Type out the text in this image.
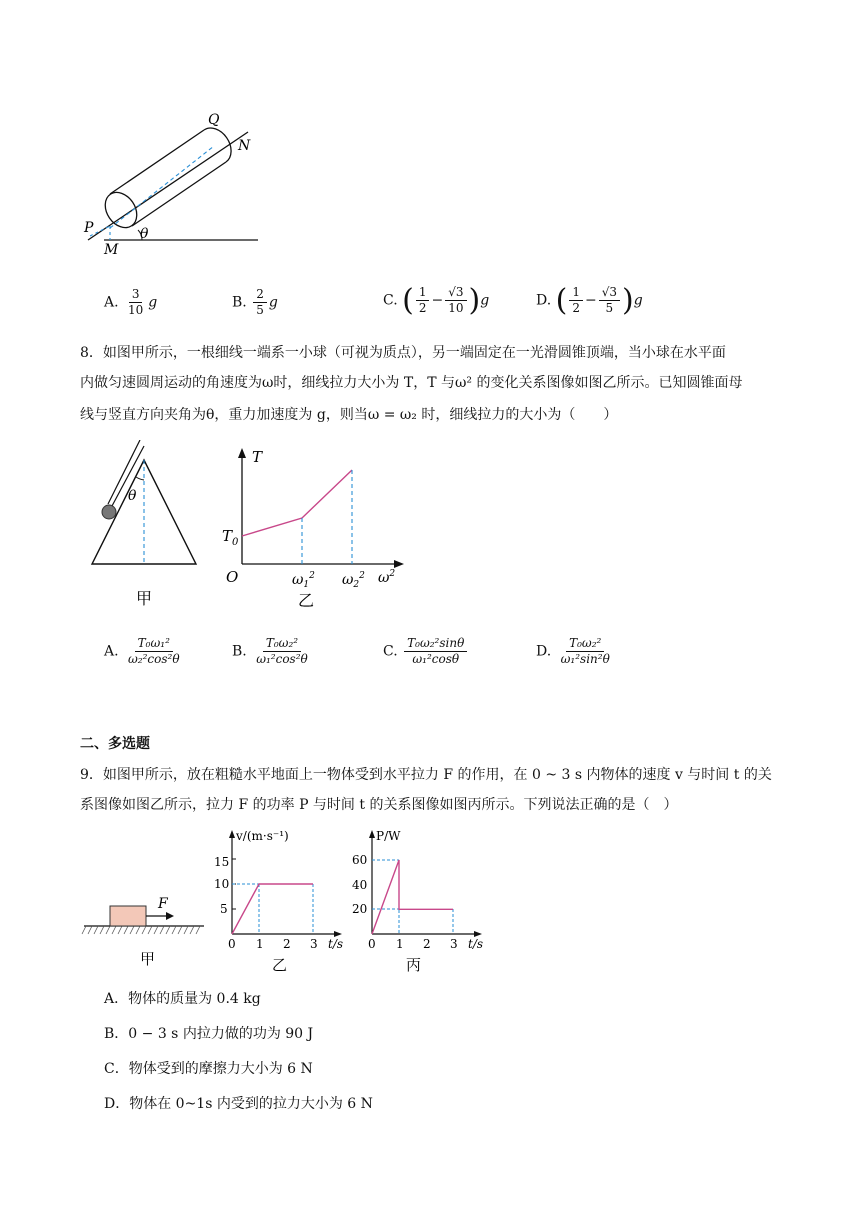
Q
N
P
M
θ
A. $\frac{3}{10}$ g	B. $\frac{2}{5}$ g	C. ( $\frac{1}{2} - \frac{√3}{10} )g$	D. ( $\frac{1}{2} - \frac{√3}{5} )g$
8．如图甲所示，一根细线一端系一小球（可视为质点），另一端固定在一光滑圆锥顶端，当小球在水平面
内做匀速圆周运动的角速度为ω时，细线拉力大小为 T，T 与ω² 的变化关系图像如图乙所示。已知圆锥面母
线与竖直方向夹角为θ，重力加速度为 g，则当ω = ω₂ 时，细线拉力的大小为（　　）
θ
甲
T
$T_0$
O	$\omega_1^2$ $\omega_2^2$ $\omega^2$
乙
A. $\frac{\text{T₀ω₁²}}{\text{ω₂²cos²θ}}$	B. $\frac{\text{T₀ω₂²}}{\text{ω₁²cos²θ}}$	C. $\frac{\text{T₀ω₂²sinθ}}{\text{ω₁²cosθ}}$	D. $\frac{\text{T₀ω₂²}}{\text{ω₁²sin²θ}}$
二、多选题
9．如图甲所示，放在粗糙水平地面上一物体受到水平拉力 F 的作用，在 0 ~ 3 s 内物体的速度 v 与时间 t 的关
系图像如图乙所示，拉力 F 的功率 P 与时间 t 的关系图像如图丙所示。下列说法正确的是（　）
F
甲
v/(m·s⁻¹)
15
10
5
0 1 2 3 t/s
乙
P/W
60
40
20
0 1 2 3 t/s
丙
A．物体的质量为 0.4 kg
B．0 − 3 s 内拉力做的功为 90 J
C．物体受到的摩擦力大小为 6 N
D．物体在 0~1s 内受到的拉力大小为 6 N
